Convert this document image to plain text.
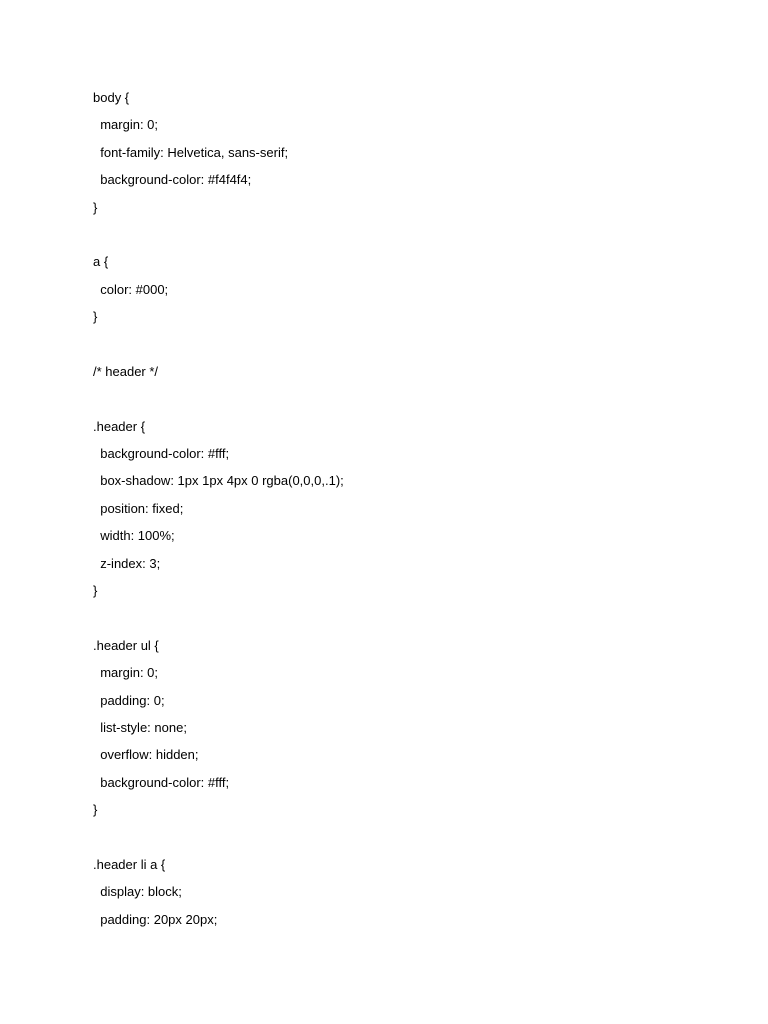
body {
margin: 0;
font-family: Helvetica, sans-serif;
background-color: #f4f4f4;
}
a {
color: #000;
}
/* header */
.header {
background-color: #fff;
box-shadow: 1px 1px 4px 0 rgba(0,0,0,.1);
position: fixed;
width: 100%;
z-index: 3;
}
.header ul {
margin: 0;
padding: 0;
list-style: none;
overflow: hidden;
background-color: #fff;
}
.header li a {
display: block;
padding: 20px 20px;
